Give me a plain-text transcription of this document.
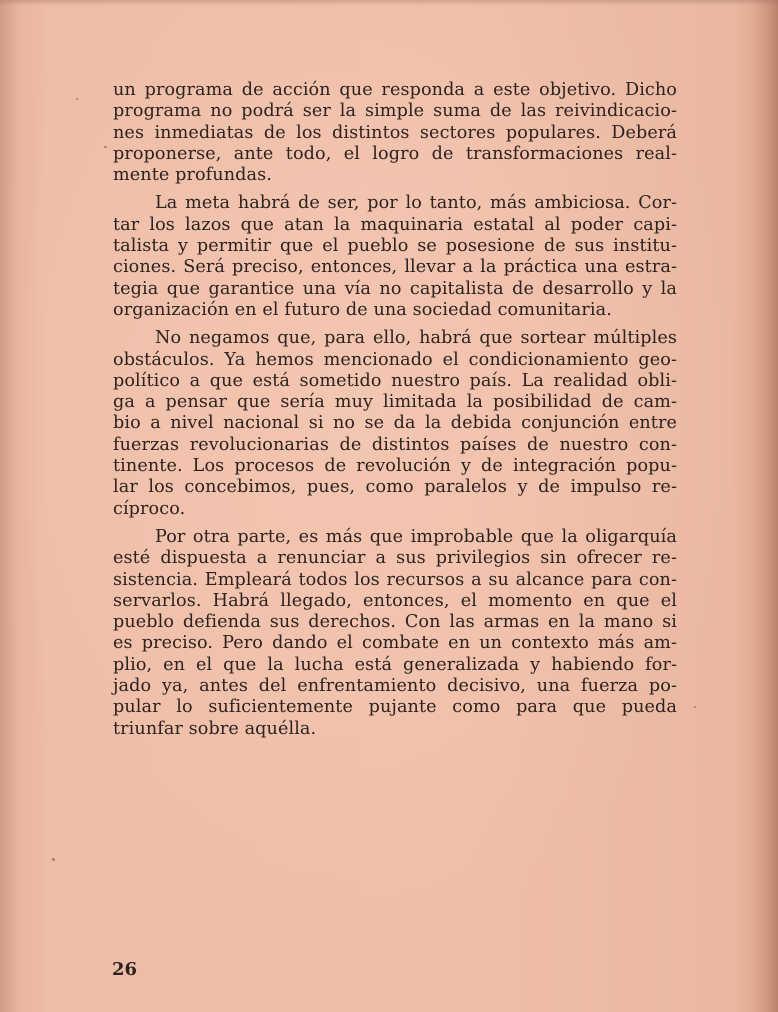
un programa de acción que responda a este objetivo. Dicho
programa no podrá ser la simple suma de las reivindicacio-
nes inmediatas de los distintos sectores populares. Deberá
proponerse, ante todo, el logro de transformaciones real-
mente profundas.
La meta habrá de ser, por lo tanto, más ambiciosa. Cor-
tar los lazos que atan la maquinaria estatal al poder capi-
talista y permitir que el pueblo se posesione de sus institu-
ciones. Será preciso, entonces, llevar a la práctica una estra-
tegia que garantice una vía no capitalista de desarrollo y la
organización en el futuro de una sociedad comunitaria.
No negamos que, para ello, habrá que sortear múltiples
obstáculos. Ya hemos mencionado el condicionamiento geo-
político a que está sometido nuestro país. La realidad obli-
ga a pensar que sería muy limitada la posibilidad de cam-
bio a nivel nacional si no se da la debida conjunción entre
fuerzas revolucionarias de distintos países de nuestro con-
tinente. Los procesos de revolución y de integración popu-
lar los concebimos, pues, como paralelos y de impulso re-
cíproco.
Por otra parte, es más que improbable que la oligarquía
esté dispuesta a renunciar a sus privilegios sin ofrecer re-
sistencia. Empleará todos los recursos a su alcance para con-
servarlos. Habrá llegado, entonces, el momento en que el
pueblo defienda sus derechos. Con las armas en la mano si
es preciso. Pero dando el combate en un contexto más am-
plio, en el que la lucha está generalizada y habiendo for-
jado ya, antes del enfrentamiento decisivo, una fuerza po-
pular lo suficientemente pujante como para que pueda
triunfar sobre aquélla.
26
